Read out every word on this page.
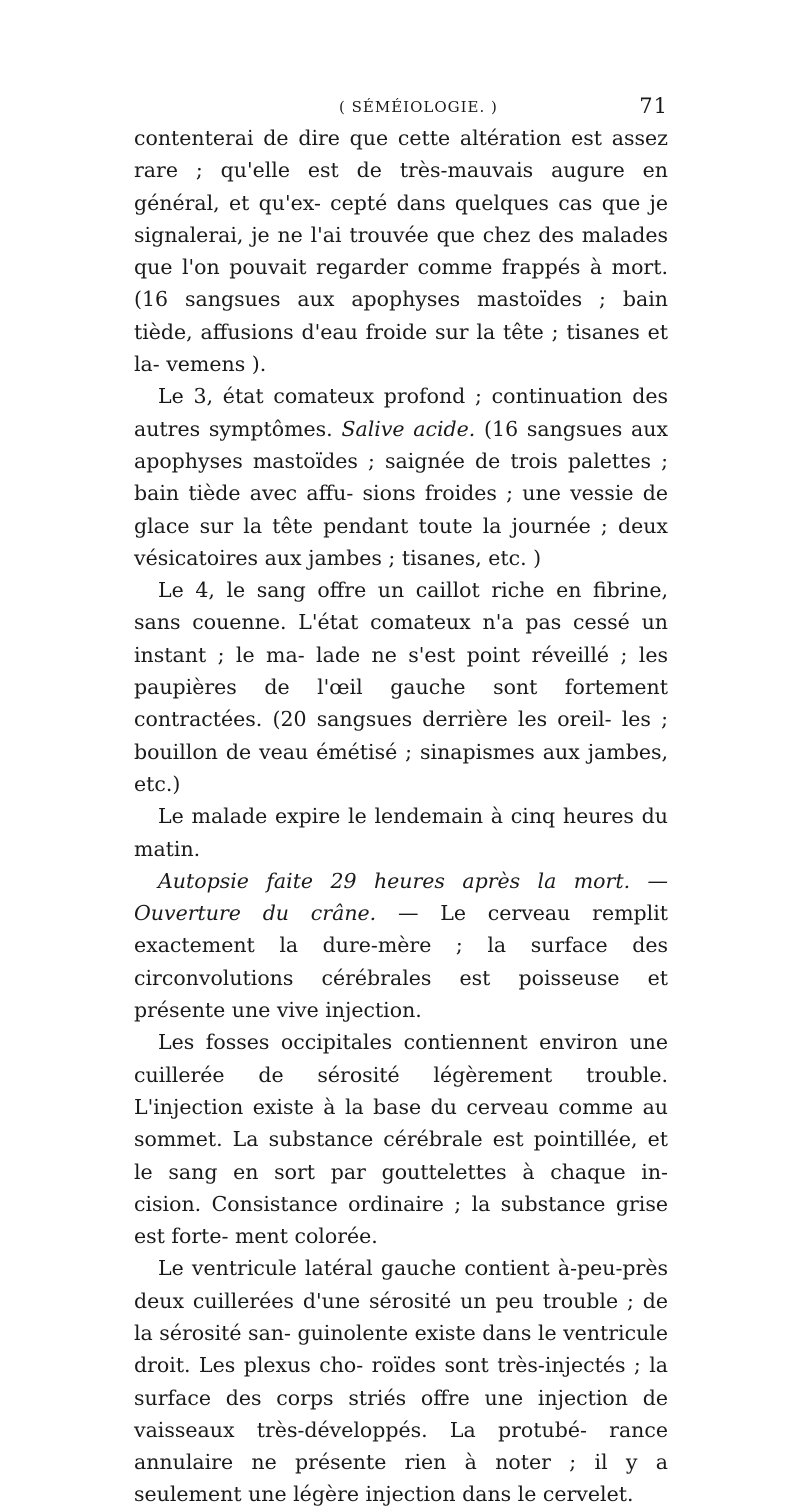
( SÉMÉIOLOGIE. )	71

contenterai de dire que cette altération est assez rare ; qu'elle est de très-mauvais augure en général, et qu'ex- cepté dans quelques cas que je signalerai, je ne l'ai trouvée que chez des malades que l'on pouvait regarder comme frappés à mort. (16 sangsues aux apophyses mastoïdes ; bain tiède, affusions d'eau froide sur la tête ; tisanes et la- vemens ).

Le 3, état comateux profond ; continuation des autres symptômes. Salive acide. (16 sangsues aux apophyses mastoïdes ; saignée de trois palettes ; bain tiède avec affu- sions froides ; une vessie de glace sur la tête pendant toute la journée ; deux vésicatoires aux jambes ; tisanes, etc. )

Le 4, le sang offre un caillot riche en fibrine, sans couenne. L'état comateux n'a pas cessé un instant ; le ma- lade ne s'est point réveillé ; les paupières de l'œil gauche sont fortement contractées. (20 sangsues derrière les oreil- les ; bouillon de veau émétisé ; sinapismes aux jambes, etc.)

Le malade expire le lendemain à cinq heures du matin.

Autopsie faite 29 heures après la mort. — Ouverture du crâne. — Le cerveau remplit exactement la dure-mère ; la surface des circonvolutions cérébrales est poisseuse et présente une vive injection.

Les fosses occipitales contiennent environ une cuillerée de sérosité légèrement trouble. L'injection existe à la base du cerveau comme au sommet. La substance cérébrale est pointillée, et le sang en sort par gouttelettes à chaque in- cision. Consistance ordinaire ; la substance grise est forte- ment colorée.

Le ventricule latéral gauche contient à-peu-près deux cuillerées d'une sérosité un peu trouble ; de la sérosité san- guinolente existe dans le ventricule droit. Les plexus cho- roïdes sont très-injectés ; la surface des corps striés offre une injection de vaisseaux très-développés. La protubé- rance annulaire ne présente rien à noter ; il y a seulement une légère injection dans le cervelet.
